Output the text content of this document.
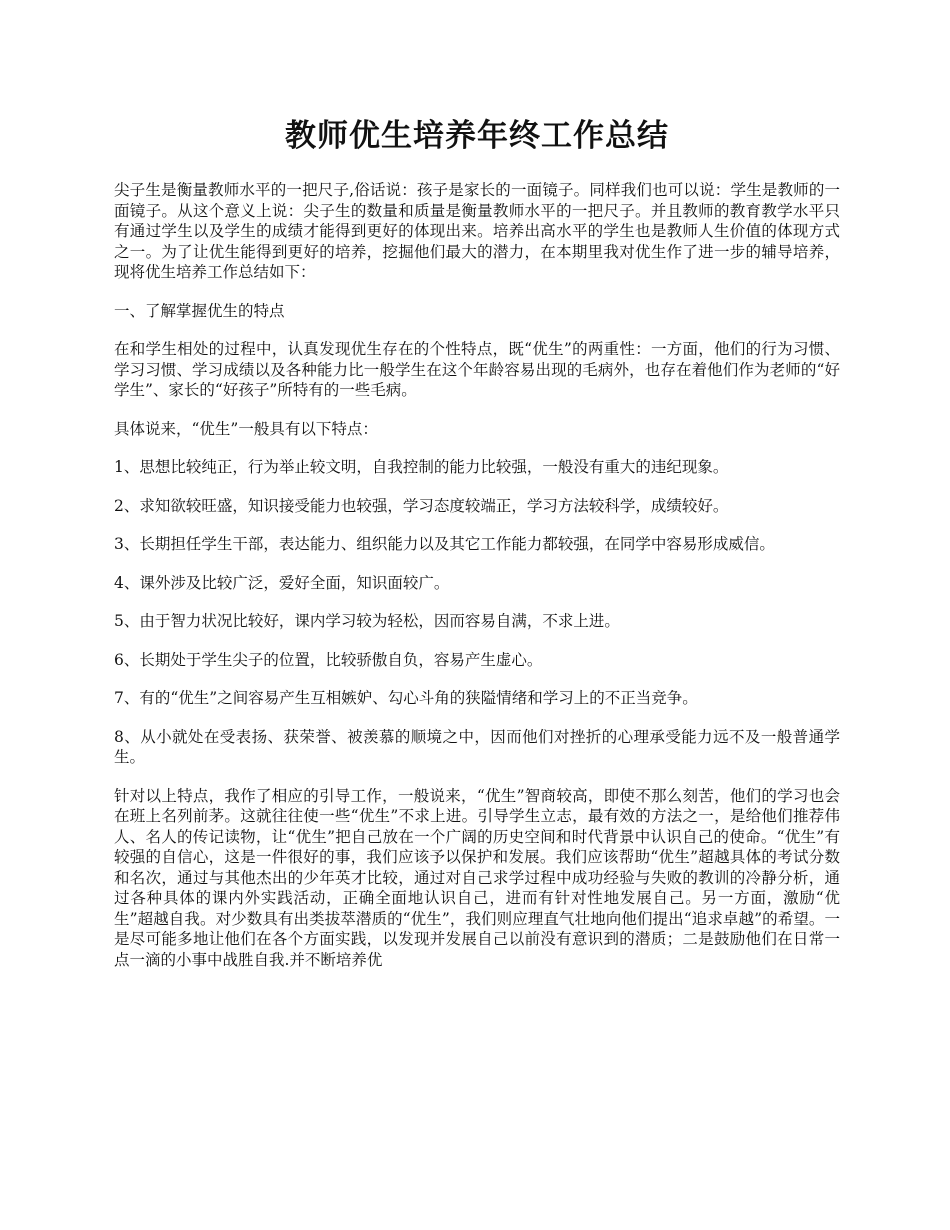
教师优生培养年终工作总结

尖子生是衡量教师水平的一把尺子,俗话说：孩子是家长的一面镜子。同样我们也可以说：学生是教师的一面镜子。从这个意义上说：尖子生的数量和质量是衡量教师水平的一把尺子。并且教师的教育教学水平只有通过学生以及学生的成绩才能得到更好的体现出来。培养出高水平的学生也是教师人生价值的体现方式之一。为了让优生能得到更好的培养，挖掘他们最大的潜力，在本期里我对优生作了进一步的辅导培养，现将优生培养工作总结如下：

一、了解掌握优生的特点

在和学生相处的过程中，认真发现优生存在的个性特点，既“优生”的两重性：一方面，他们的行为习惯、学习习惯、学习成绩以及各种能力比一般学生在这个年龄容易出现的毛病外，也存在着他们作为老师的“好学生”、家长的“好孩子”所特有的一些毛病。

具体说来，“优生”一般具有以下特点：

1、思想比较纯正，行为举止较文明，自我控制的能力比较强，一般没有重大的违纪现象。

2、求知欲较旺盛，知识接受能力也较强，学习态度较端正，学习方法较科学，成绩较好。

3、长期担任学生干部，表达能力、组织能力以及其它工作能力都较强，在同学中容易形成威信。

4、课外涉及比较广泛，爱好全面，知识面较广。

5、由于智力状况比较好，课内学习较为轻松，因而容易自满，不求上进。

6、长期处于学生尖子的位置，比较骄傲自负，容易产生虚心。

7、有的“优生”之间容易产生互相嫉妒、勾心斗角的狭隘情绪和学习上的不正当竞争。

8、从小就处在受表扬、获荣誉、被羡慕的顺境之中，因而他们对挫折的心理承受能力远不及一般普通学生。

针对以上特点，我作了相应的引导工作，一般说来，“优生”智商较高，即使不那么刻苦，他们的学习也会在班上名列前茅。这就往往使一些“优生”不求上进。引导学生立志，最有效的方法之一，是给他们推荐伟人、名人的传记读物，让“优生”把自己放在一个广阔的历史空间和时代背景中认识自己的使命。“优生”有较强的自信心，这是一件很好的事，我们应该予以保护和发展。我们应该帮助“优生”超越具体的考试分数和名次，通过与其他杰出的少年英才比较，通过对自己求学过程中成功经验与失败的教训的冷静分析，通过各种具体的课内外实践活动，正确全面地认识自己，进而有针对性地发展自己。另一方面，激励“优生”超越自我。对少数具有出类拔萃潜质的“优生”，我们则应理直气壮地向他们提出“追求卓越”的希望。一是尽可能多地让他们在各个方面实践，以发现并发展自己以前没有意识到的潜质；二是鼓励他们在日常一点一滴的小事中战胜自我.并不断培养优
